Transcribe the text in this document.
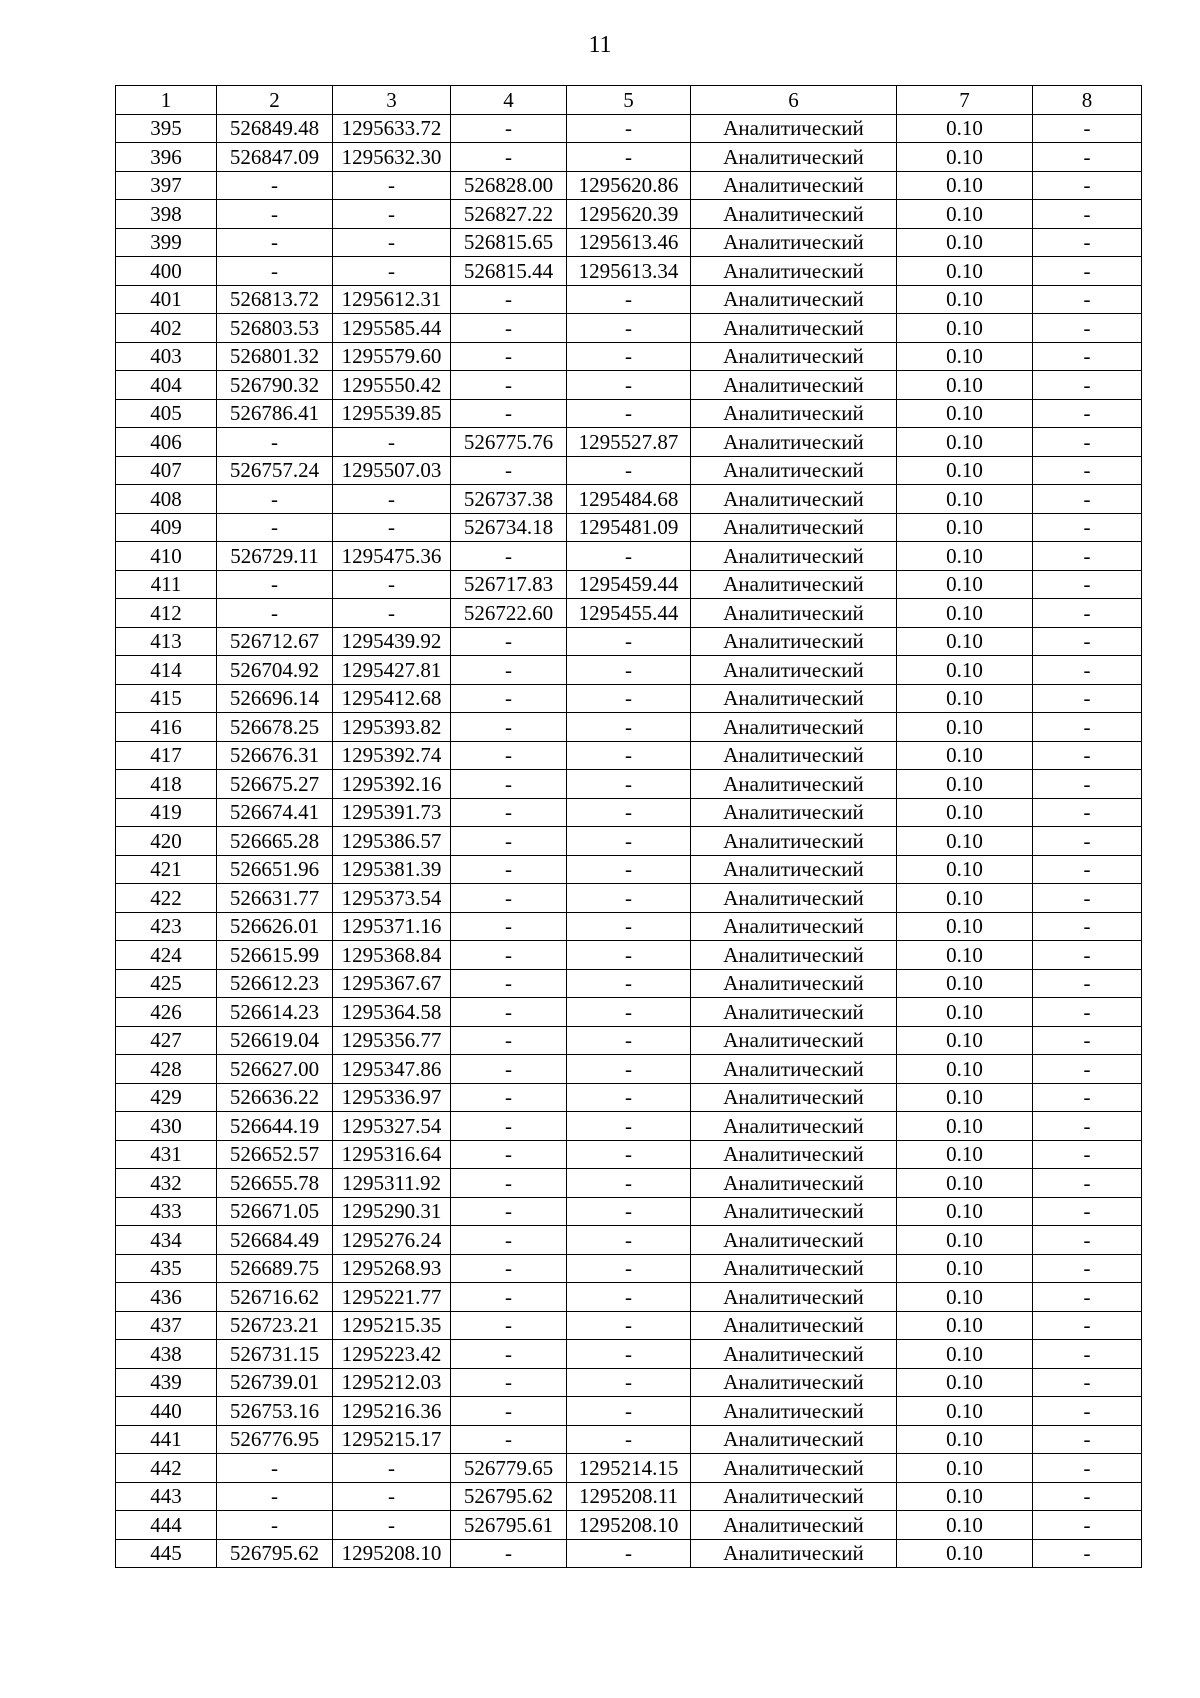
11
1	2	3	4	5	6	7	8
395	526849.48	1295633.72	-	-	Аналитический	0.10	-
396	526847.09	1295632.30	-	-	Аналитический	0.10	-
397	-	-	526828.00	1295620.86	Аналитический	0.10	-
398	-	-	526827.22	1295620.39	Аналитический	0.10	-
399	-	-	526815.65	1295613.46	Аналитический	0.10	-
400	-	-	526815.44	1295613.34	Аналитический	0.10	-
401	526813.72	1295612.31	-	-	Аналитический	0.10	-
402	526803.53	1295585.44	-	-	Аналитический	0.10	-
403	526801.32	1295579.60	-	-	Аналитический	0.10	-
404	526790.32	1295550.42	-	-	Аналитический	0.10	-
405	526786.41	1295539.85	-	-	Аналитический	0.10	-
406	-	-	526775.76	1295527.87	Аналитический	0.10	-
407	526757.24	1295507.03	-	-	Аналитический	0.10	-
408	-	-	526737.38	1295484.68	Аналитический	0.10	-
409	-	-	526734.18	1295481.09	Аналитический	0.10	-
410	526729.11	1295475.36	-	-	Аналитический	0.10	-
411	-	-	526717.83	1295459.44	Аналитический	0.10	-
412	-	-	526722.60	1295455.44	Аналитический	0.10	-
413	526712.67	1295439.92	-	-	Аналитический	0.10	-
414	526704.92	1295427.81	-	-	Аналитический	0.10	-
415	526696.14	1295412.68	-	-	Аналитический	0.10	-
416	526678.25	1295393.82	-	-	Аналитический	0.10	-
417	526676.31	1295392.74	-	-	Аналитический	0.10	-
418	526675.27	1295392.16	-	-	Аналитический	0.10	-
419	526674.41	1295391.73	-	-	Аналитический	0.10	-
420	526665.28	1295386.57	-	-	Аналитический	0.10	-
421	526651.96	1295381.39	-	-	Аналитический	0.10	-
422	526631.77	1295373.54	-	-	Аналитический	0.10	-
423	526626.01	1295371.16	-	-	Аналитический	0.10	-
424	526615.99	1295368.84	-	-	Аналитический	0.10	-
425	526612.23	1295367.67	-	-	Аналитический	0.10	-
426	526614.23	1295364.58	-	-	Аналитический	0.10	-
427	526619.04	1295356.77	-	-	Аналитический	0.10	-
428	526627.00	1295347.86	-	-	Аналитический	0.10	-
429	526636.22	1295336.97	-	-	Аналитический	0.10	-
430	526644.19	1295327.54	-	-	Аналитический	0.10	-
431	526652.57	1295316.64	-	-	Аналитический	0.10	-
432	526655.78	1295311.92	-	-	Аналитический	0.10	-
433	526671.05	1295290.31	-	-	Аналитический	0.10	-
434	526684.49	1295276.24	-	-	Аналитический	0.10	-
435	526689.75	1295268.93	-	-	Аналитический	0.10	-
436	526716.62	1295221.77	-	-	Аналитический	0.10	-
437	526723.21	1295215.35	-	-	Аналитический	0.10	-
438	526731.15	1295223.42	-	-	Аналитический	0.10	-
439	526739.01	1295212.03	-	-	Аналитический	0.10	-
440	526753.16	1295216.36	-	-	Аналитический	0.10	-
441	526776.95	1295215.17	-	-	Аналитический	0.10	-
442	-	-	526779.65	1295214.15	Аналитический	0.10	-
443	-	-	526795.62	1295208.11	Аналитический	0.10	-
444	-	-	526795.61	1295208.10	Аналитический	0.10	-
445	526795.62	1295208.10	-	-	Аналитический	0.10	-
